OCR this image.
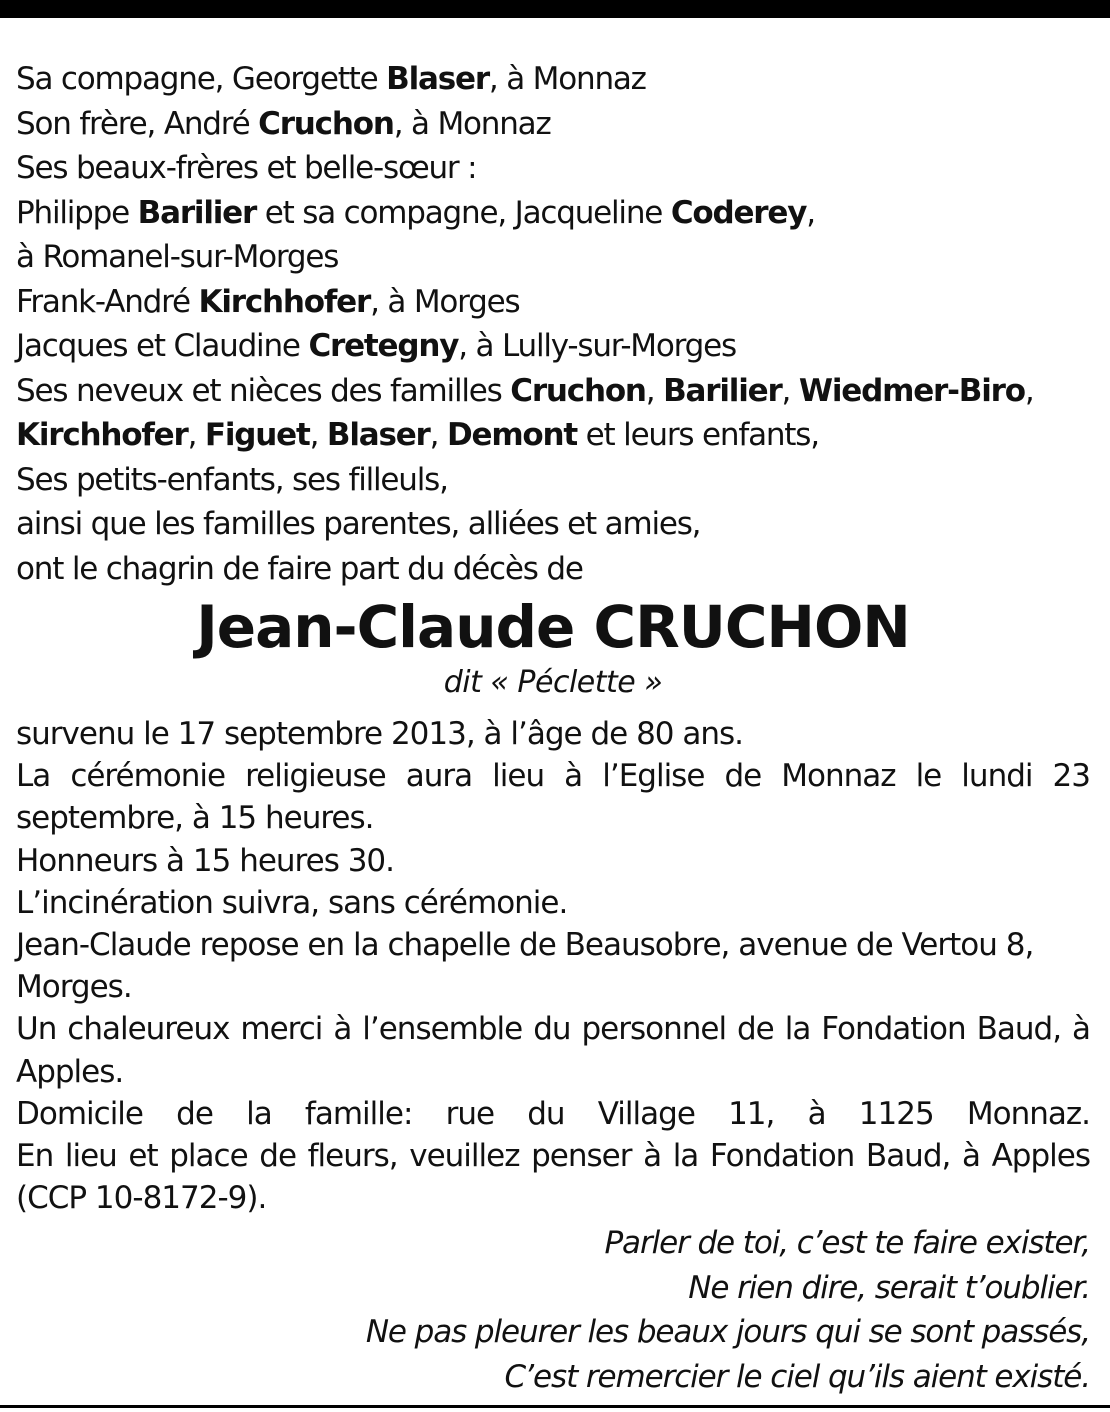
Sa compagne, Georgette Blaser, à Monnaz
Son frère, André Cruchon, à Monnaz
Ses beaux-frères et belle-sœur :
Philippe Barilier et sa compagne, Jacqueline Coderey,
à Romanel-sur-Morges
Frank-André Kirchhofer, à Morges
Jacques et Claudine Cretegny, à Lully-sur-Morges
Ses neveux et nièces des familles Cruchon, Barilier, Wiedmer-Biro,
Kirchhofer, Figuet, Blaser, Demont et leurs enfants,
Ses petits-enfants, ses filleuls,
ainsi que les familles parentes, alliées et amies,
ont le chagrin de faire part du décès de
Jean-Claude CRUCHON
dit « Péclette »
survenu le 17 septembre 2013, à l’âge de 80 ans.
La cérémonie religieuse aura lieu à l’Eglise de Monnaz le lundi 23 septembre, à 15 heures.
Honneurs à 15 heures 30.
L’incinération suivra, sans cérémonie.
Jean-Claude repose en la chapelle de Beausobre, avenue de Vertou 8, Morges.
Un chaleureux merci à l’ensemble du personnel de la Fondation Baud, à Apples.
Domicile de la famille: rue du Village 11, à 1125 Monnaz.
En lieu et place de fleurs, veuillez penser à la Fondation Baud, à Apples (CCP 10-8172-9).
Parler de toi, c’est te faire exister,
Ne rien dire, serait t’oublier.
Ne pas pleurer les beaux jours qui se sont passés,
C’est remercier le ciel qu’ils aient existé.
